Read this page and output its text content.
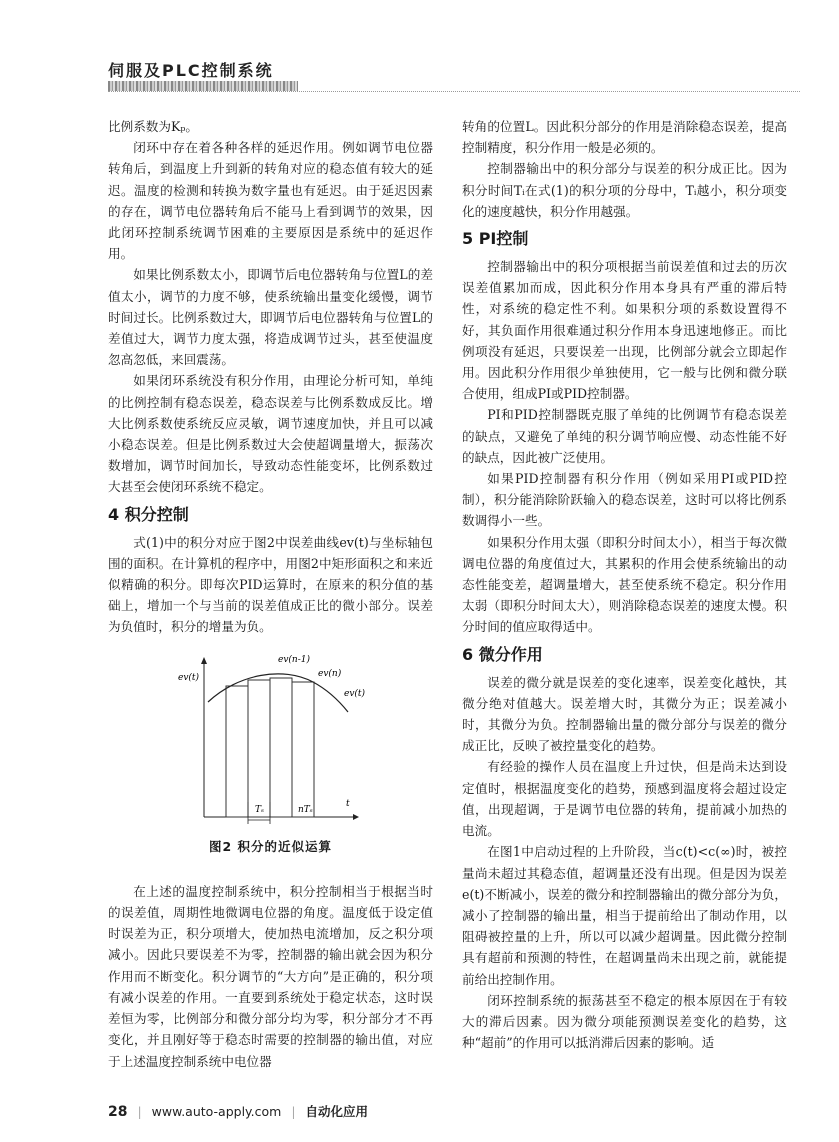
伺服及PLC控制系统

比例系数为Kₚ。

闭环中存在着各种各样的延迟作用。例如调节电位器转角后，到温度上升到新的转角对应的稳态值有较大的延迟。温度的检测和转换为数字量也有延迟。由于延迟因素的存在，调节电位器转角后不能马上看到调节的效果，因此闭环控制系统调节困难的主要原因是系统中的延迟作用。

如果比例系数太小，即调节后电位器转角与位置L的差值太小，调节的力度不够，使系统输出量变化缓慢，调节时间过长。比例系数过大，即调节后电位器转角与位置L的差值过大，调节力度太强，将造成调节过头，甚至使温度忽高忽低，来回震荡。

如果闭环系统没有积分作用，由理论分析可知，单纯的比例控制有稳态误差，稳态误差与比例系数成反比。增大比例系数使系统反应灵敏，调节速度加快，并且可以减小稳态误差。但是比例系数过大会使超调量增大，振荡次数增加，调节时间加长，导致动态性能变坏，比例系数过大甚至会使闭环系统不稳定。

4 积分控制

式(1)中的积分对应于图2中误差曲线ev(t)与坐标轴包围的面积。在计算机的程序中，用图2中矩形面积之和来近似精确的积分。即每次PID运算时，在原来的积分值的基础上，增加一个与当前的误差值成正比的微小部分。误差为负值时，积分的增量为负。

Tₛ	nTₛ
t
ev(t)
ev(n-1)
ev(n)
ev(t)
图2 积分的近似运算

在上述的温度控制系统中，积分控制相当于根据当时的误差值，周期性地微调电位器的角度。温度低于设定值时误差为正，积分项增大，使加热电流增加，反之积分项减小。因此只要误差不为零，控制器的输出就会因为积分作用而不断变化。积分调节的“大方向”是正确的，积分项有减小误差的作用。一直要到系统处于稳定状态，这时误差恒为零，比例部分和微分部分均为零，积分部分才不再变化，并且刚好等于稳态时需要的控制器的输出值，对应于上述温度控制系统中电位器

转角的位置L。因此积分部分的作用是消除稳态误差，提高控制精度，积分作用一般是必须的。

控制器输出中的积分部分与误差的积分成正比。因为积分时间Tᵢ在式(1)的积分项的分母中，Tᵢ越小，积分项变化的速度越快，积分作用越强。

5 PI控制

控制器输出中的积分项根据当前误差值和过去的历次误差值累加而成，因此积分作用本身具有严重的滞后特性，对系统的稳定性不利。如果积分项的系数设置得不好，其负面作用很难通过积分作用本身迅速地修正。而比例项没有延迟，只要误差一出现，比例部分就会立即起作用。因此积分作用很少单独使用，它一般与比例和微分联合使用，组成PI或PID控制器。

PI和PID控制器既克服了单纯的比例调节有稳态误差的缺点，又避免了单纯的积分调节响应慢、动态性能不好的缺点，因此被广泛使用。

如果PID控制器有积分作用（例如采用PI或PID控制），积分能消除阶跃输入的稳态误差，这时可以将比例系数调得小一些。

如果积分作用太强（即积分时间太小），相当于每次微调电位器的角度值过大，其累积的作用会使系统输出的动态性能变差，超调量增大，甚至使系统不稳定。积分作用太弱（即积分时间太大），则消除稳态误差的速度太慢。积分时间的值应取得适中。

6 微分作用

误差的微分就是误差的变化速率，误差变化越快，其微分绝对值越大。误差增大时，其微分为正；误差减小时，其微分为负。控制器输出量的微分部分与误差的微分成正比，反映了被控量变化的趋势。

有经验的操作人员在温度上升过快，但是尚未达到设定值时，根据温度变化的趋势，预感到温度将会超过设定值，出现超调，于是调节电位器的转角，提前减小加热的电流。

在图1中启动过程的上升阶段，当c(t)<c(∞)时，被控量尚未超过其稳态值，超调量还没有出现。但是因为误差e(t)不断减小，误差的微分和控制器输出的微分部分为负，减小了控制器的输出量，相当于提前给出了制动作用，以阻碍被控量的上升，所以可以减少超调量。因此微分控制具有超前和预测的特性，在超调量尚未出现之前，就能提前给出控制作用。

闭环控制系统的振荡甚至不稳定的根本原因在于有较大的滞后因素。因为微分项能预测误差变化的趋势，这种“超前”的作用可以抵消滞后因素的影响。适

28 | www.auto-apply.com | 自动化应用
